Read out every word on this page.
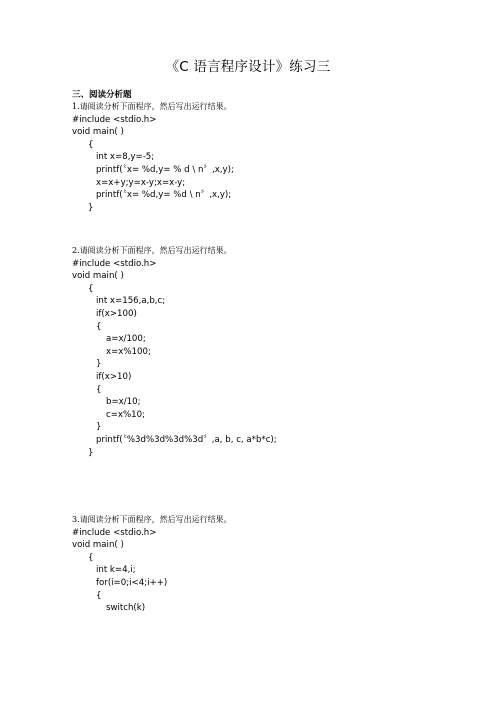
《C 语言程序设计》练习三
三、阅读分析题
1.请阅读分析下面程序，然后写出运行结果。
#include <stdio.h>
void main( )
{
int x=8,y=-5;
printf(〝x= %d,y= % d \ n〞,x,y);
x=x+y;y=x-y;x=x-y;
printf(〝x= %d,y= %d \ n〞,x,y);
}
2.请阅读分析下面程序，然后写出运行结果。
#include <stdio.h>
void main( )
{
int x=156,a,b,c;
if(x>100)
{
a=x/100;
x=x%100;
}
if(x>10)
{
b=x/10;
c=x%10;
}
printf(〝%3d%3d%3d%3d〞,a, b, c, a*b*c);
}
3.请阅读分析下面程序，然后写出运行结果。
#include <stdio.h>
void main( )
{
int k=4,i;
for(i=0;i<4;i++)
{
switch(k)
